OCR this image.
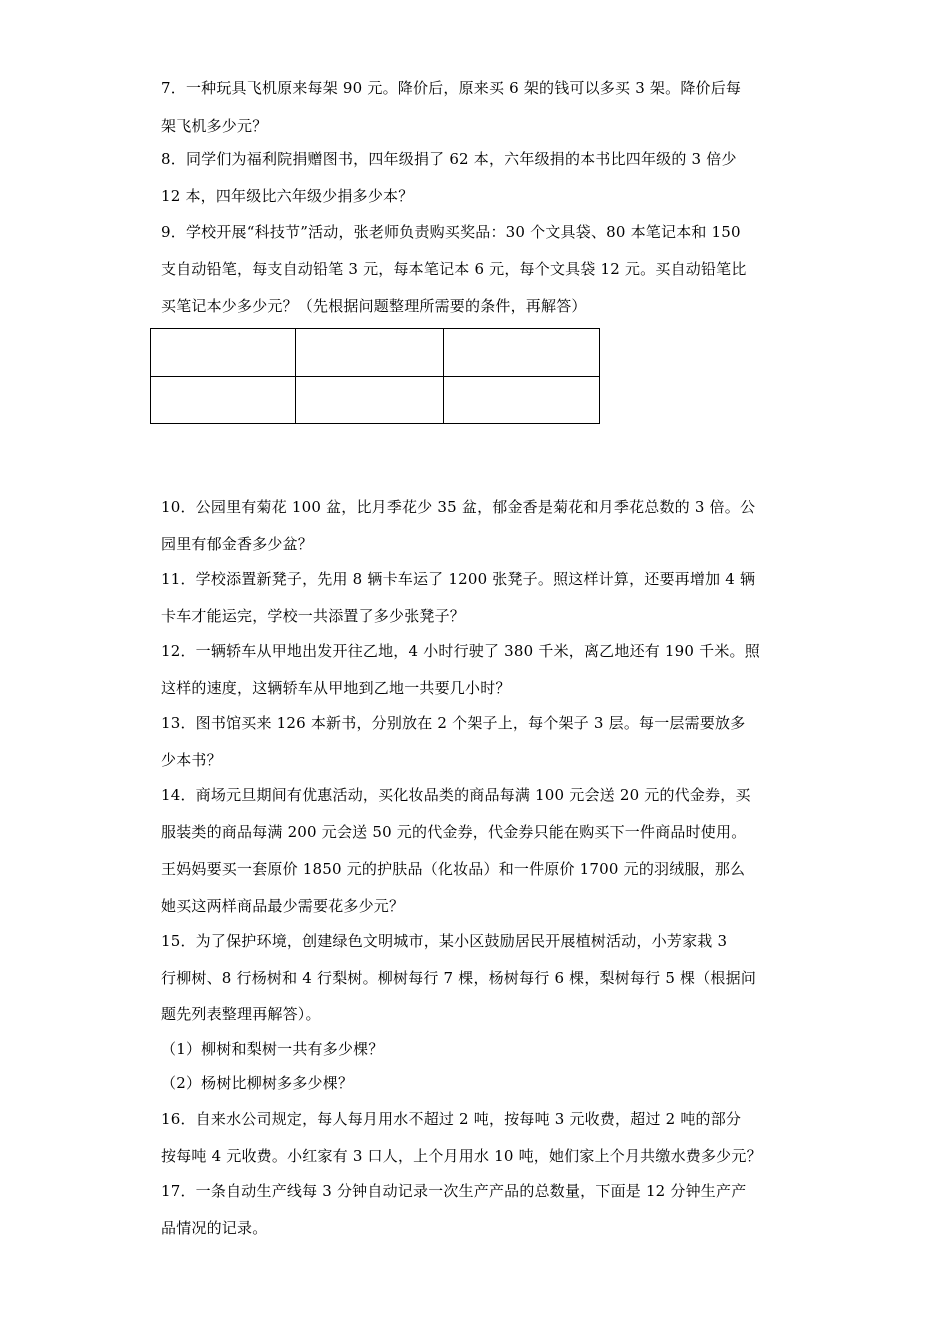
7．一种玩具飞机原来每架 90 元。降价后，原来买 6 架的钱可以多买 3 架。降价后每
架飞机多少元？
8．同学们为福利院捐赠图书，四年级捐了 62 本，六年级捐的本书比四年级的 3 倍少
12 本，四年级比六年级少捐多少本？
9．学校开展“科技节”活动，张老师负责购买奖品：30 个文具袋、80 本笔记本和 150
支自动铅笔，每支自动铅笔 3 元，每本笔记本 6 元，每个文具袋 12 元。买自动铅笔比
买笔记本少多少元？（先根据问题整理所需要的条件，再解答）

10．公园里有菊花 100 盆，比月季花少 35 盆，郁金香是菊花和月季花总数的 3 倍。公
园里有郁金香多少盆？
11．学校添置新凳子，先用 8 辆卡车运了 1200 张凳子。照这样计算，还要再增加 4 辆
卡车才能运完，学校一共添置了多少张凳子？
12．一辆轿车从甲地出发开往乙地，4 小时行驶了 380 千米，离乙地还有 190 千米。照
这样的速度，这辆轿车从甲地到乙地一共要几小时？
13．图书馆买来 126 本新书，分别放在 2 个架子上，每个架子 3 层。每一层需要放多
少本书？
14．商场元旦期间有优惠活动，买化妆品类的商品每满 100 元会送 20 元的代金券，买
服装类的商品每满 200 元会送 50 元的代金券，代金券只能在购买下一件商品时使用。
王妈妈要买一套原价 1850 元的护肤品（化妆品）和一件原价 1700 元的羽绒服，那么
她买这两样商品最少需要花多少元？
15．为了保护环境，创建绿色文明城市，某小区鼓励居民开展植树活动，小芳家栽 3
行柳树、8 行杨树和 4 行梨树。柳树每行 7 棵，杨树每行 6 棵，梨树每行 5 棵（根据问
题先列表整理再解答）。
（1）柳树和梨树一共有多少棵？
（2）杨树比柳树多多少棵？
16．自来水公司规定，每人每月用水不超过 2 吨，按每吨 3 元收费，超过 2 吨的部分
按每吨 4 元收费。小红家有 3 口人，上个月用水 10 吨，她们家上个月共缴水费多少元？
17．一条自动生产线每 3 分钟自动记录一次生产产品的总数量，下面是 12 分钟生产产
品情况的记录。
